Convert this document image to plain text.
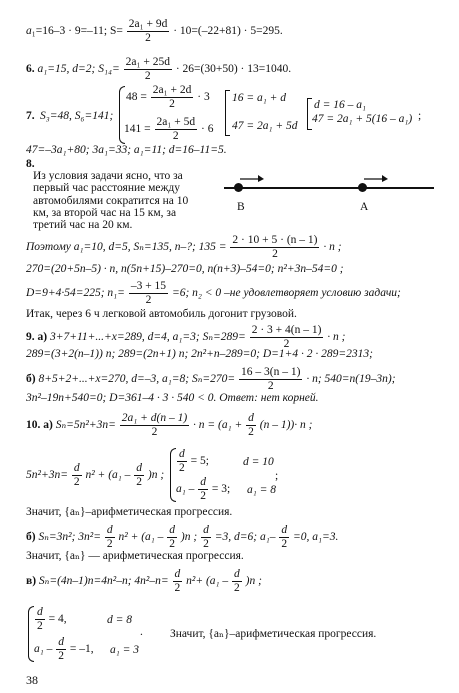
a₁=16–3 · 9=–11; $S= \frac{\text{2a₁ + 9d}}{2} \cdot 10=(-22+81) \cdot 5=295$.
6. a₁=15, d=2; $S_{14}= \frac{\text{2a₁ + 25d}}{2} \cdot 26=(30+50) \cdot 13=1040$.
7. S₃=48, S₆=141;
$48 = \frac{\text{2a₁ + 2d}}{2} \cdot 3$
$141 = \frac{\text{2a₁ + 5d}}{2} \cdot 6$
16 = a₁ + d
47 = 2a₁ + 5d
d = 16 – a₁
47 = 2a₁ + 5(16 – a₁) ;
47=–3a₁+80; 3a₁=33; a₁=11; d=16–11=5.
8.
Из условия задачи ясно, что за
первый час расстояние между
автомобилями сократится на 10
км, за второй час на 15 км, за
третий час на 20 км.
B	A
Поэтому a₁=10, d=5, Sₙ=135, n–?; $135 = \frac{2 \cdot 10 + 5 \cdot (n - 1)}{2} \cdot n$ ;
270=(20+5n–5) · n, n(5n+15)–270=0, n(n+3)–54=0; n²+3n–54=0 ;
D=9+4·54=225; $n_1= \frac{-3 + 15}{2} =6$; n₂ < 0 –не удовлетворяет условию задачи;
Итак, через 6 ч легковой автомобиль догонит грузовой.
9. а) 3+7+11+...+x=289, d=4, a₁=3; $S_n=289= \frac{2 \cdot 3 + 4(n - 1)}{2} \cdot n$ ;
289=(3+2(n–1)) n; 289=(2n+1) n; 2n²+n–289=0; D=1+4 · 2 · 289=2313;
б) 8+5+2+...+x=270, d=–3, a₁=8; $S_n=270= \frac{16 - 3(n - 1)}{2} \cdot n$; 540=n(19–3n);
3n²–19n+540=0; D=361–4 · 3 · 540 < 0. Ответ: нет корней.
10. а) $S_n=5n^2+3n= \frac{\text{2a₁ + d(n – 1)}}{2} \cdot n = (a_1 + \frac{d}{2} (n - 1))\cdot n$ ;
$5n^2+3n= \frac{d}{2} n^2 + (a_1 - \frac{d}{2} )n$ ;
$\frac{d}{2} = 5$;	d = 10
$a_1 - \frac{d}{2} = 3$; a₁ = 8
;
Значит, {aₙ}–арифметическая прогрессия.
б) Sₙ=3n²; $3n^2= \frac{d}{2} n^2 + (a_1 - \frac{d}{2} )n$ ; $\frac{d}{2} =3$, d=6; $a_1- \frac{d}{2} =0$, a₁=3.
Значит, {aₙ} — арифметическая прогрессия.
в) Sₙ=(4n–1)n=4n²–n; $4n^2-n= \frac{d}{2} n^2+ (a_1 - \frac{d}{2} )n$ ;
$\frac{d}{2} = 4$,	d = 8
$a_1 - \frac{d}{2} = -1$, a₁ = 3
. Значит, {aₙ}–арифметическая прогрессия.
38
